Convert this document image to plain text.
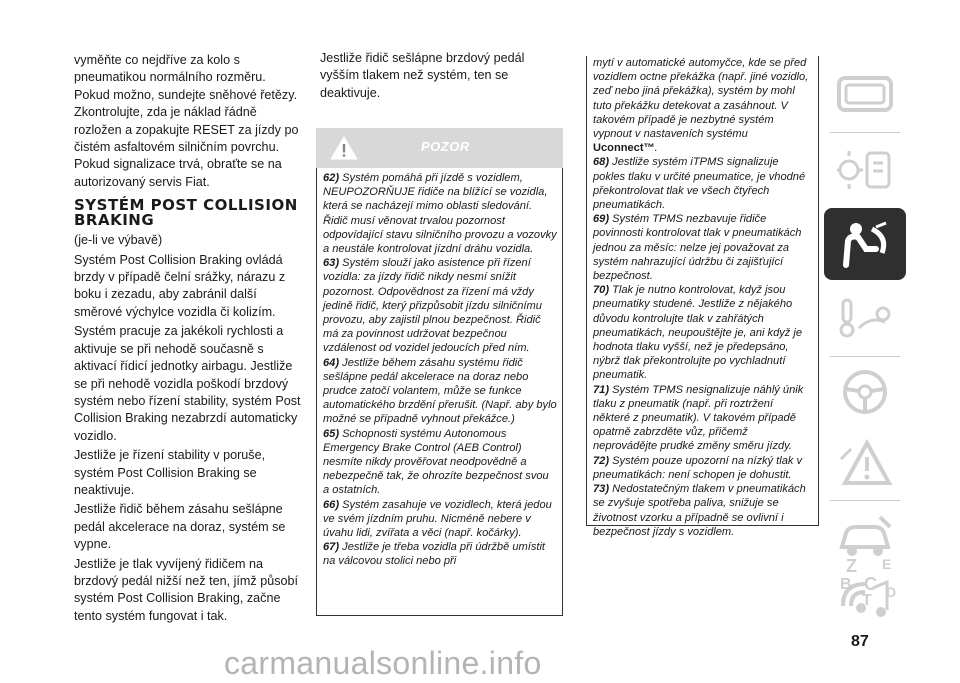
vyměňte co nejdříve za kolo s pneumatikou normálního rozměru. Pokud možno, sundejte sněhové řetězy. Zkontrolujte, zda je náklad řádně rozložen a zopakujte RESET za jízdy po čistém asfaltovém silničním povrchu. Pokud signalizace trvá, obraťte se na autorizovaný servis Fiat.

SYSTÉM POST COLLISION BRAKING

(je-li ve výbavě)

Systém Post Collision Braking ovládá brzdy v případě čelní srážky, nárazu z boku i zezadu, aby zabránil další směrové výchylce vozidla či kolizím.

Systém pracuje za jakékoli rychlosti a aktivuje se při nehodě současně s aktivací řídicí jednotky airbagu. Jestliže se při nehodě vozidla poškodí brzdový systém nebo řízení stability, systém Post Collision Braking nezabrzdí automaticky vozidlo.

Jestliže je řízení stability v poruše, systém Post Collision Braking se neaktivuje.

Jestliže řidič během zásahu sešlápne pedál akcelerace na doraz, systém se vypne.

Jestliže je tlak vyvíjený řidičem na brzdový pedál nižší než ten, jímž působí systém Post Collision Braking, začne tento systém fungovat i tak.

Jestliže řidič sešlápne brzdový pedál vyšším tlakem než systém, ten se deaktivuje.

POZOR

62) Systém pomáhá při jízdě s vozidlem, NEUPOZORŇUJE řidiče na blížící se vozidla, která se nacházejí mimo oblasti sledování. Řidič musí věnovat trvalou pozornost odpovídající stavu silničního provozu a vozovky a neustále kontrolovat jízdní dráhu vozidla.

63) Systém slouží jako asistence při řízení vozidla: za jízdy řidič nikdy nesmí snížit pozornost. Odpovědnost za řízení má vždy jedině řidič, který přizpůsobit jízdu silničnímu provozu, aby zajistil plnou bezpečnost. Řidič má za povinnost udržovat bezpečnou vzdálenost od vozidel jedoucích před ním.

64) Jestliže během zásahu systému řidič sešlápne pedál akcelerace na doraz nebo prudce zatočí volantem, může se funkce automatického brzdění přerušit. (Např. aby bylo možné se případně vyhnout překážce.)

65) Schopnosti systému Autonomous Emergency Brake Control (AEB Control) nesmíte nikdy prověřovat neodpovědně a nebezpečně tak, že ohrozíte bezpečnost svou a ostatních.

66) Systém zasahuje ve vozidlech, která jedou ve svém jízdním pruhu. Nicméně nebere v úvahu lidi, zvířata a věci (např. kočárky).

67) Jestliže je třeba vozidla při údržbě umístit na válcovou stolici nebo při

mytí v automatické automyčce, kde se před vozidlem octne překážka (např. jiné vozidlo, zeď nebo jiná překážka), systém by mohl tuto překážku detekovat a zasáhnout. V takovém případě je nezbytné systém vypnout v nastaveních systému Uconnect™.

68) Jestliže systém iTPMS signalizuje pokles tlaku v určité pneumatice, je vhodné překontrolovat tlak ve všech čtyřech pneumatikách.

69) Systém TPMS nezbavuje řidiče povinnosti kontrolovat tlak v pneumatikách jednou za měsíc: nelze jej považovat za systém nahrazující údržbu či zajišťující bezpečnost.

70) Tlak je nutno kontrolovat, když jsou pneumatiky studené. Jestliže z nějakého důvodu kontrolujte tlak v zahřátých pneumatikách, neupouštějte je, ani když je hodnota tlaku vyšší, než je předepsáno, nýbrž tlak překontrolujte po vychladnutí pneumatik.

71) Systém TPMS nesignalizuje náhlý únik tlaku z pneumatik (např. při roztržení některé z pneumatik). V takovém případě opatrně zabrzděte vůz, přičemž neprovádějte prudké změny směru jízdy.

72) Systém pouze upozorní na nízký tlak v pneumatikách: není schopen je dohustit.

73) Nedostatečným tlakem v pneumatikách se zvyšuje spotřeba paliva, snižuje se životnost vzorku a případně se ovlivní i bezpečnost jízdy s vozidlem.

Z E
B C
I T D
87
carmanualsonline.info
